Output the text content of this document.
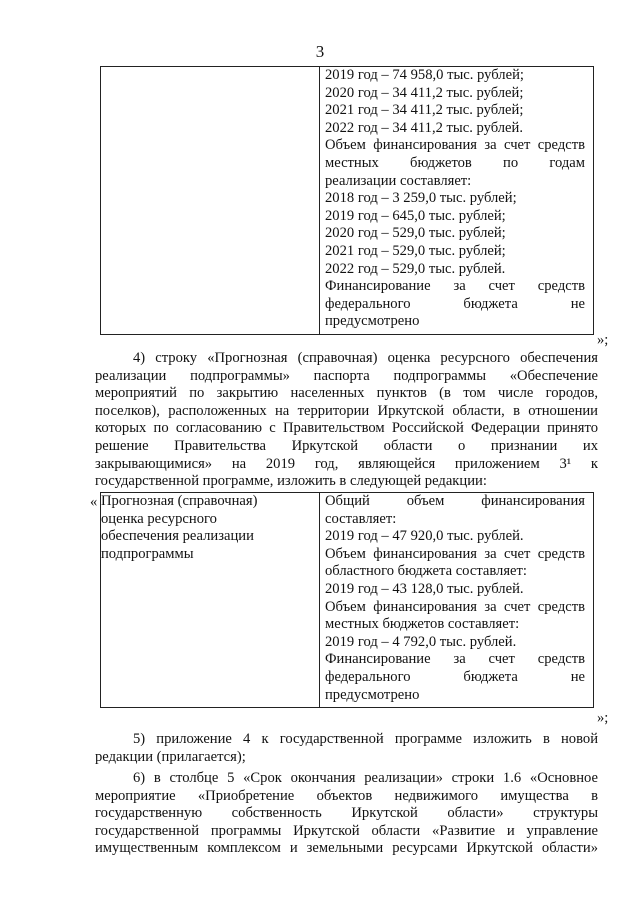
3

2019 год – 74 958,0 тыс. рублей;
2020 год – 34 411,2 тыс. рублей;
2021 год – 34 411,2 тыс. рублей;
2022 год – 34 411,2 тыс. рублей.
Объем финансирования за счет средств
местных бюджетов по годам
реализации составляет:
2018 год – 3 259,0 тыс. рублей;
2019 год – 645,0 тыс. рублей;
2020 год – 529,0 тыс. рублей;
2021 год – 529,0 тыс. рублей;
2022 год – 529,0 тыс. рублей.
Финансирование за счет средств
федерального бюджета не
предусмотрено
»;
4) строку «Прогнозная (справочная) оценка ресурсного обеспечения
реализации подпрограммы» паспорта подпрограммы «Обеспечение
мероприятий по закрытию населенных пунктов (в том числе городов,
поселков), расположенных на территории Иркутской области, в отношении
которых по согласованию с Правительством Российской Федерации принято
решение Правительства Иркутской области о признании их
закрывающимися» на 2019 год, являющейся приложением 3¹ к
государственной программе, изложить в следующей редакции:
« Прогнозная (справочная)
оценка ресурсного
обеспечения реализации
подпрограммы

Общий объем финансирования
составляет:
2019 год – 47 920,0 тыс. рублей.
Объем финансирования за счет средств
областного бюджета составляет:
2019 год – 43 128,0 тыс. рублей.
Объем финансирования за счет средств
местных бюджетов составляет:
2019 год – 4 792,0 тыс. рублей.
Финансирование за счет средств
федерального бюджета не
предусмотрено
»;
5) приложение 4 к государственной программе изложить в новой
редакции (прилагается);
6) в столбце 5 «Срок окончания реализации» строки 1.6 «Основное
мероприятие «Приобретение объектов недвижимого имущества в
государственную собственность Иркутской области» структуры
государственной программы Иркутской области «Развитие и управление
имущественным комплексом и земельными ресурсами Иркутской области»
